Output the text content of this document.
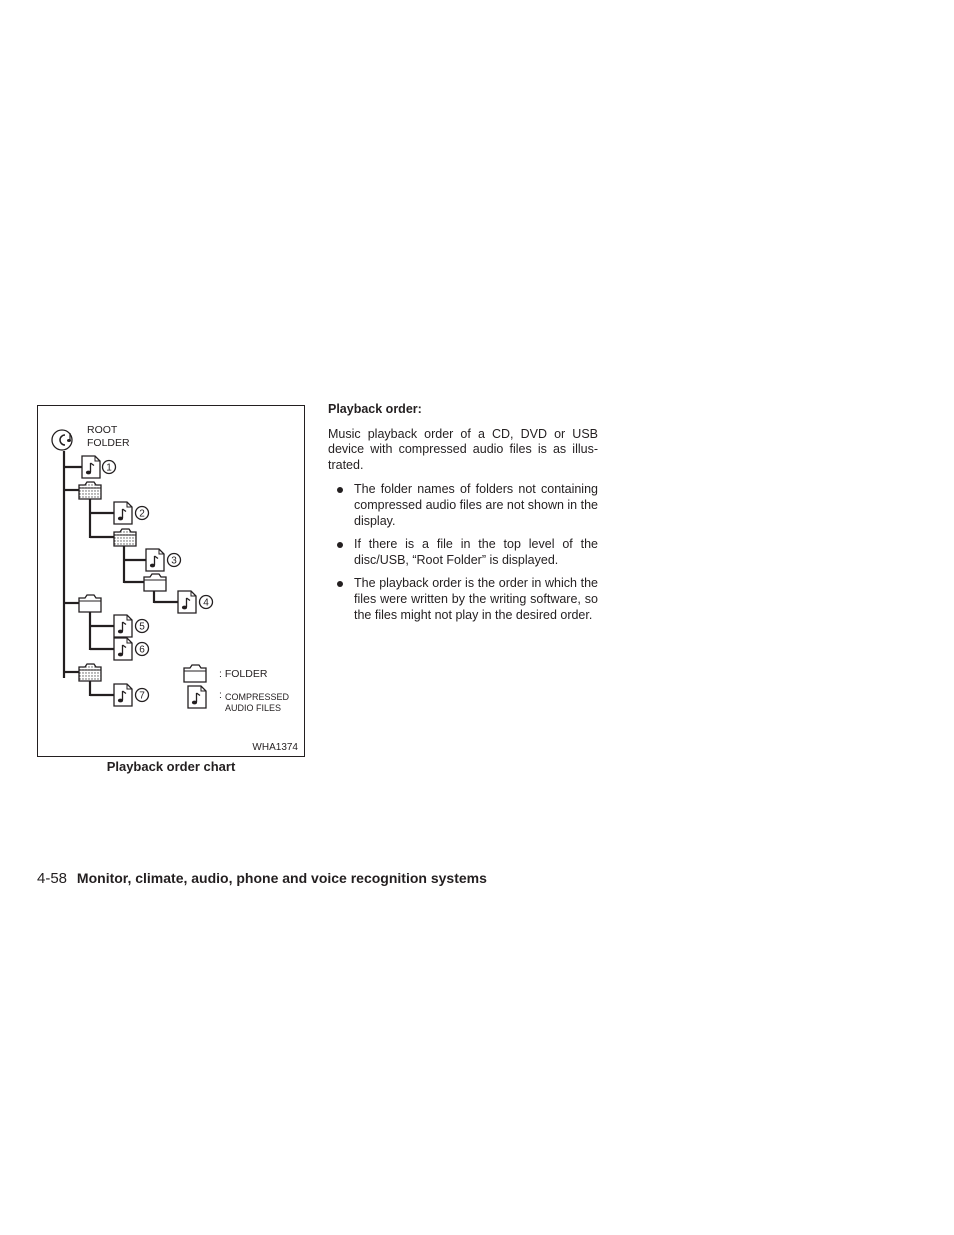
1
2
3
4
5
6
7
ROOT
FOLDER
: FOLDER
: COMPRESSED
AUDIO FILES
WHA1374
Playback order chart

Playback order:

Music playback order of a CD, DVD or USB device with compressed audio files is as illus-trated.

The folder names of folders not containing compressed audio files are not shown in the display.
If there is a file in the top level of the disc/USB, “Root Folder” is displayed.
The playback order is the order in which the files were written by the writing software, so the files might not play in the desired order.
4-58 Monitor, climate, audio, phone and voice recognition systems
